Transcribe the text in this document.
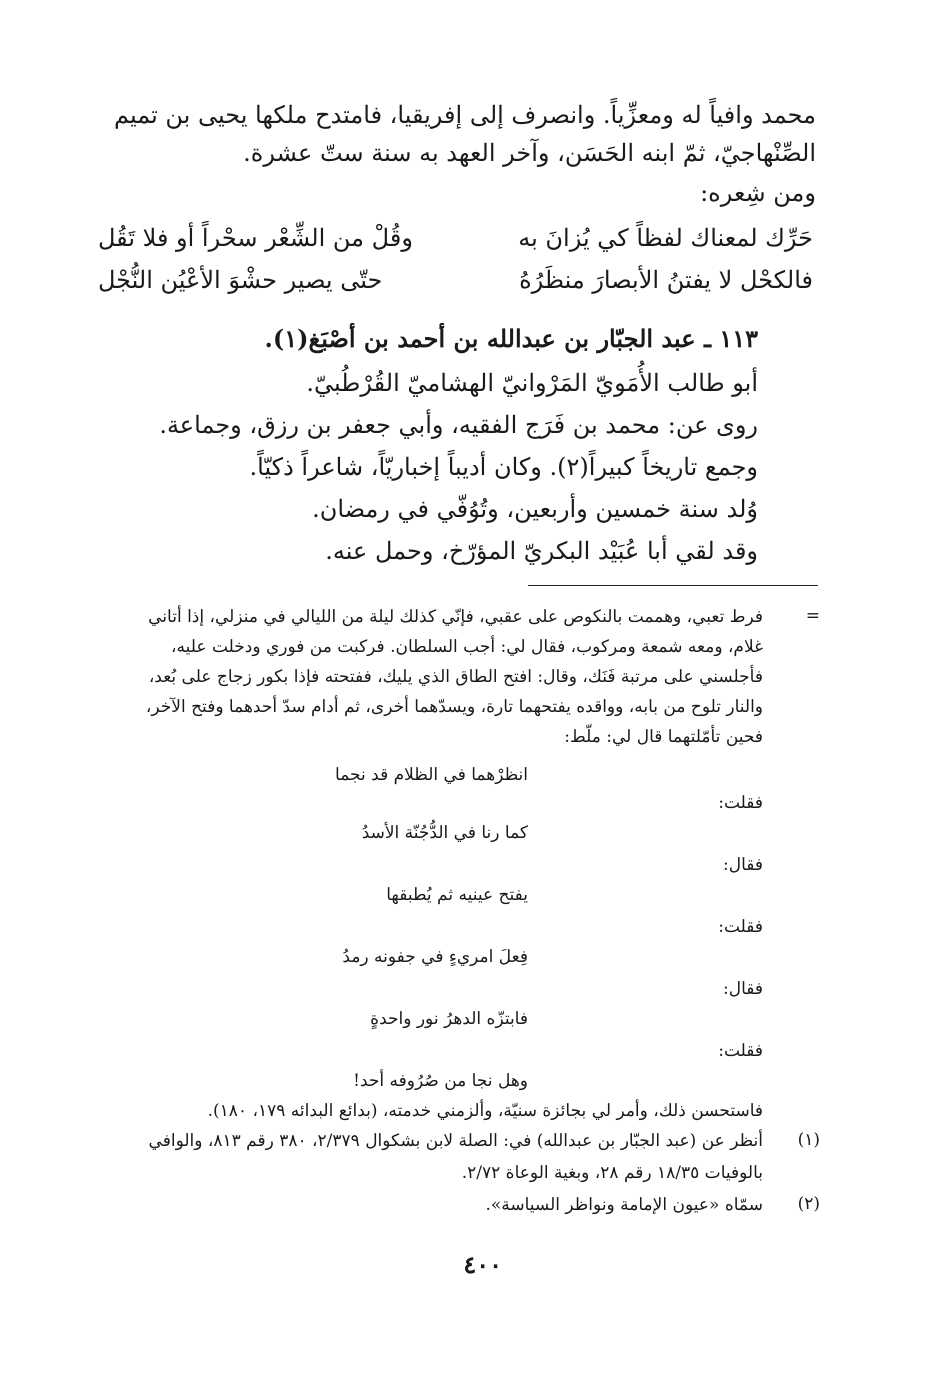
محمد وافياً له ومعزِّياً. وانصرف إلى إفريقيا، فامتدح ملكها يحيى بن تميم
الصِّنْهاجيّ، ثمّ ابنه الحَسَن، وآخر العهد به سنة ستّ عشرة.
ومن شِعره:
حَرِّك لمعناك لفظاً كي يُزانَ به
وقُلْ من الشِّعْر سحْراً أو فلا تَقُل
فالكحْل لا يفتنُ الأبصارَ منظَرُهُ
حتّى يصير حشْوَ الأعْيُن النُّجْل
١١٣ ـ عبد الجبّار بن عبدالله بن أحمد بن أصْبَغ(١).
أبو طالب الأُمَويّ المَرْوانيّ الهشاميّ القُرْطُبيّ.
روى عن: محمد بن فَرَج الفقيه، وأبي جعفر بن رزق، وجماعة.
وجمع تاريخاً كبيراً(٢). وكان أديباً إخباريّاً، شاعراً ذكيّاً.
وُلد سنة خمسين وأربعين، وتُوُفّي في رمضان.
وقد لقي أبا عُبَيْد البكريّ المؤرّخ، وحمل عنه.
=
فرط تعبي، وهممت بالنكوص على عقبي، فإنّي كذلك ليلة من الليالي في منزلي، إذا أتاني
غلام، ومعه شمعة ومركوب، فقال لي: أجب السلطان. فركبت من فوري ودخلت عليه،
فأجلسني على مرتبة فَنَك، وقال: افتح الطاق الذي يليك، ففتحته فإذا بكور زجاج على بُعد،
والنار تلوح من بابه، وواقده يفتحهما تارة، ويسدّهما أخرى، ثم أدام سدّ أحدهما وفتح الآخر،
فحين تأمّلتهما قال لي: ملّط:
انظرْهما في الظلام قد نجما
فقلت:
كما رنا في الدُّجُنّة الأسدُ
فقال:
يفتح عينيه ثم يُطبقها
فقلت:
فِعلَ امريءٍ في جفونه رمدُ
فقال:
فابتزّه الدهرُ نور واحدةٍ
فقلت:
وهل نجا من صُرُوفه أحد!
فاستحسن ذلك، وأمر لي بجائزة سنيّة، وألزمني خدمته، (بدائع البدائه ١٧٩، ١٨٠).
(١)
أنظر عن (عبد الجبّار بن عبدالله) في: الصلة لابن بشكوال ٢/٣٧٩، ٣٨٠ رقم ٨١٣، والوافي
بالوفيات ١٨/٣٥ رقم ٢٨، وبغية الوعاة ٢/٧٢.
(٢)
سمّاه «عيون الإمامة ونواظر السياسة».
٤٠٠
